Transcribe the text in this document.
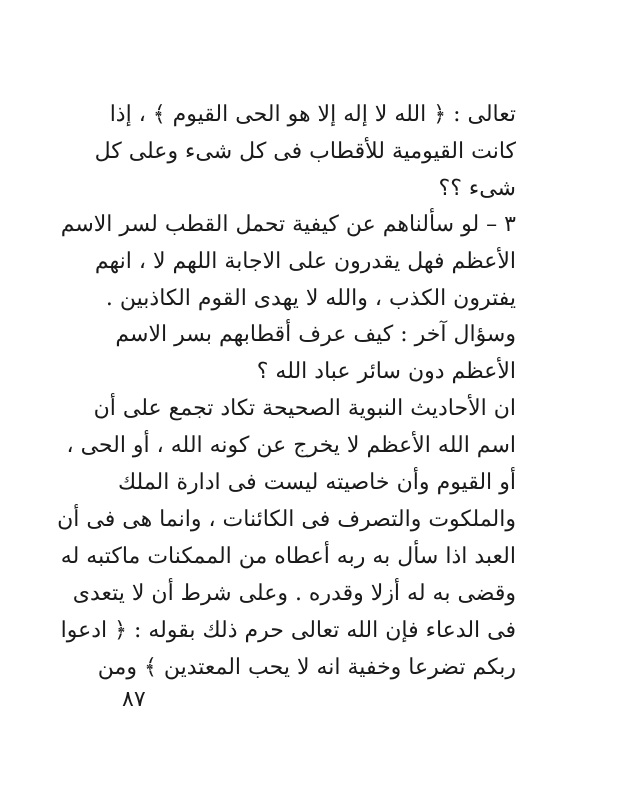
تعالى : ﴿ الله لا إله إلا هو الحى القيوم ﴾ ، إذا
كانت القيومية للأقطاب فى كل شىء وعلى كل
شىء ؟؟
٣ – لو سألناهم عن كيفية تحمل القطب لسر الاسم
الأعظم فهل يقدرون على الاجابة اللهم لا ، انهم
يفترون الكذب ، والله لا يهدى القوم الكاذبين .
وسؤال آخر : كيف عرف أقطابهم بسر الاسم
الأعظم دون سائر عباد الله ؟
ان الأحاديث النبوية الصحيحة تكاد تجمع على أن
اسم الله الأعظم لا يخرج عن كونه الله ، أو الحى ،
أو القيوم وأن خاصيته ليست فى ادارة الملك
والملكوت والتصرف فى الكائنات ، وانما هى فى أن
العبد اذا سأل به ربه أعطاه من الممكنات ماكتبه له
وقضى به له أزلا وقدره . وعلى شرط أن لا يتعدى
فى الدعاء فإن الله تعالى حرم ذلك بقوله : ﴿ ادعوا
ربكم تضرعا وخفية انه لا يحب المعتدين ﴾ ومن
٨٧
